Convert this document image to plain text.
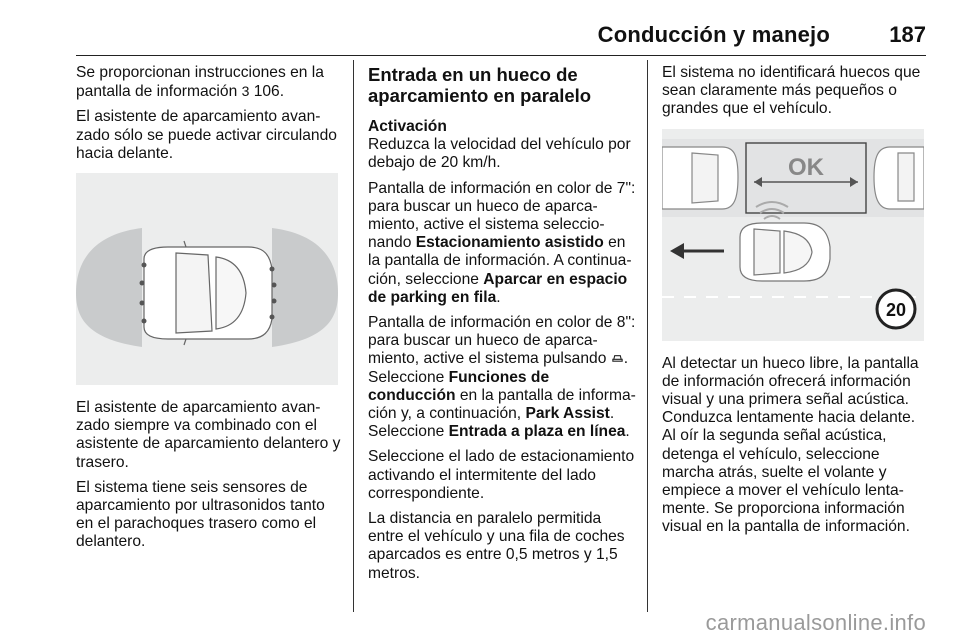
Conducción y manejo	187

Se proporcionan instrucciones en la pantalla de información 3 106.

El asistente de aparcamiento avanzado sólo se puede activar circulando hacia delante.

El asistente de aparcamiento avanzado siempre va combinado con el asistente de aparcamiento delantero y trasero.

El sistema tiene seis sensores de aparcamiento por ultrasonidos tanto en el parachoques trasero como el delantero.

Entrada en un hueco de aparcamiento en paralelo

Activación

Reduzca la velocidad del vehículo por debajo de 20 km/h.

Pantalla de información en color de 7": para buscar un hueco de aparcamiento, active el sistema seleccionando Estacionamiento asistido en la pantalla de información. A continuación, seleccione Aparcar en espacio de parking en fila.

Pantalla de información en color de 8": para buscar un hueco de aparcamiento, active el sistema pulsando . Seleccione Funciones de conducción en la pantalla de información y, a continuación, Park Assist. Seleccione Entrada a plaza en línea.

Seleccione el lado de estacionamiento activando el intermitente del lado correspondiente.

La distancia en paralelo permitida entre el vehículo y una fila de coches aparcados es entre 0,5 metros y 1,5 metros.

El sistema no identificará huecos que sean claramente más pequeños o grandes que el vehículo.

OK
20

Al detectar un hueco libre, la pantalla de información ofrecerá información visual y una primera señal acústica. Conduzca lentamente hacia delante. Al oír la segunda señal acústica, detenga el vehículo, seleccione marcha atrás, suelte el volante y empiece a mover el vehículo lentamente. Se proporciona información visual en la pantalla de información.

carmanualsonline.info
